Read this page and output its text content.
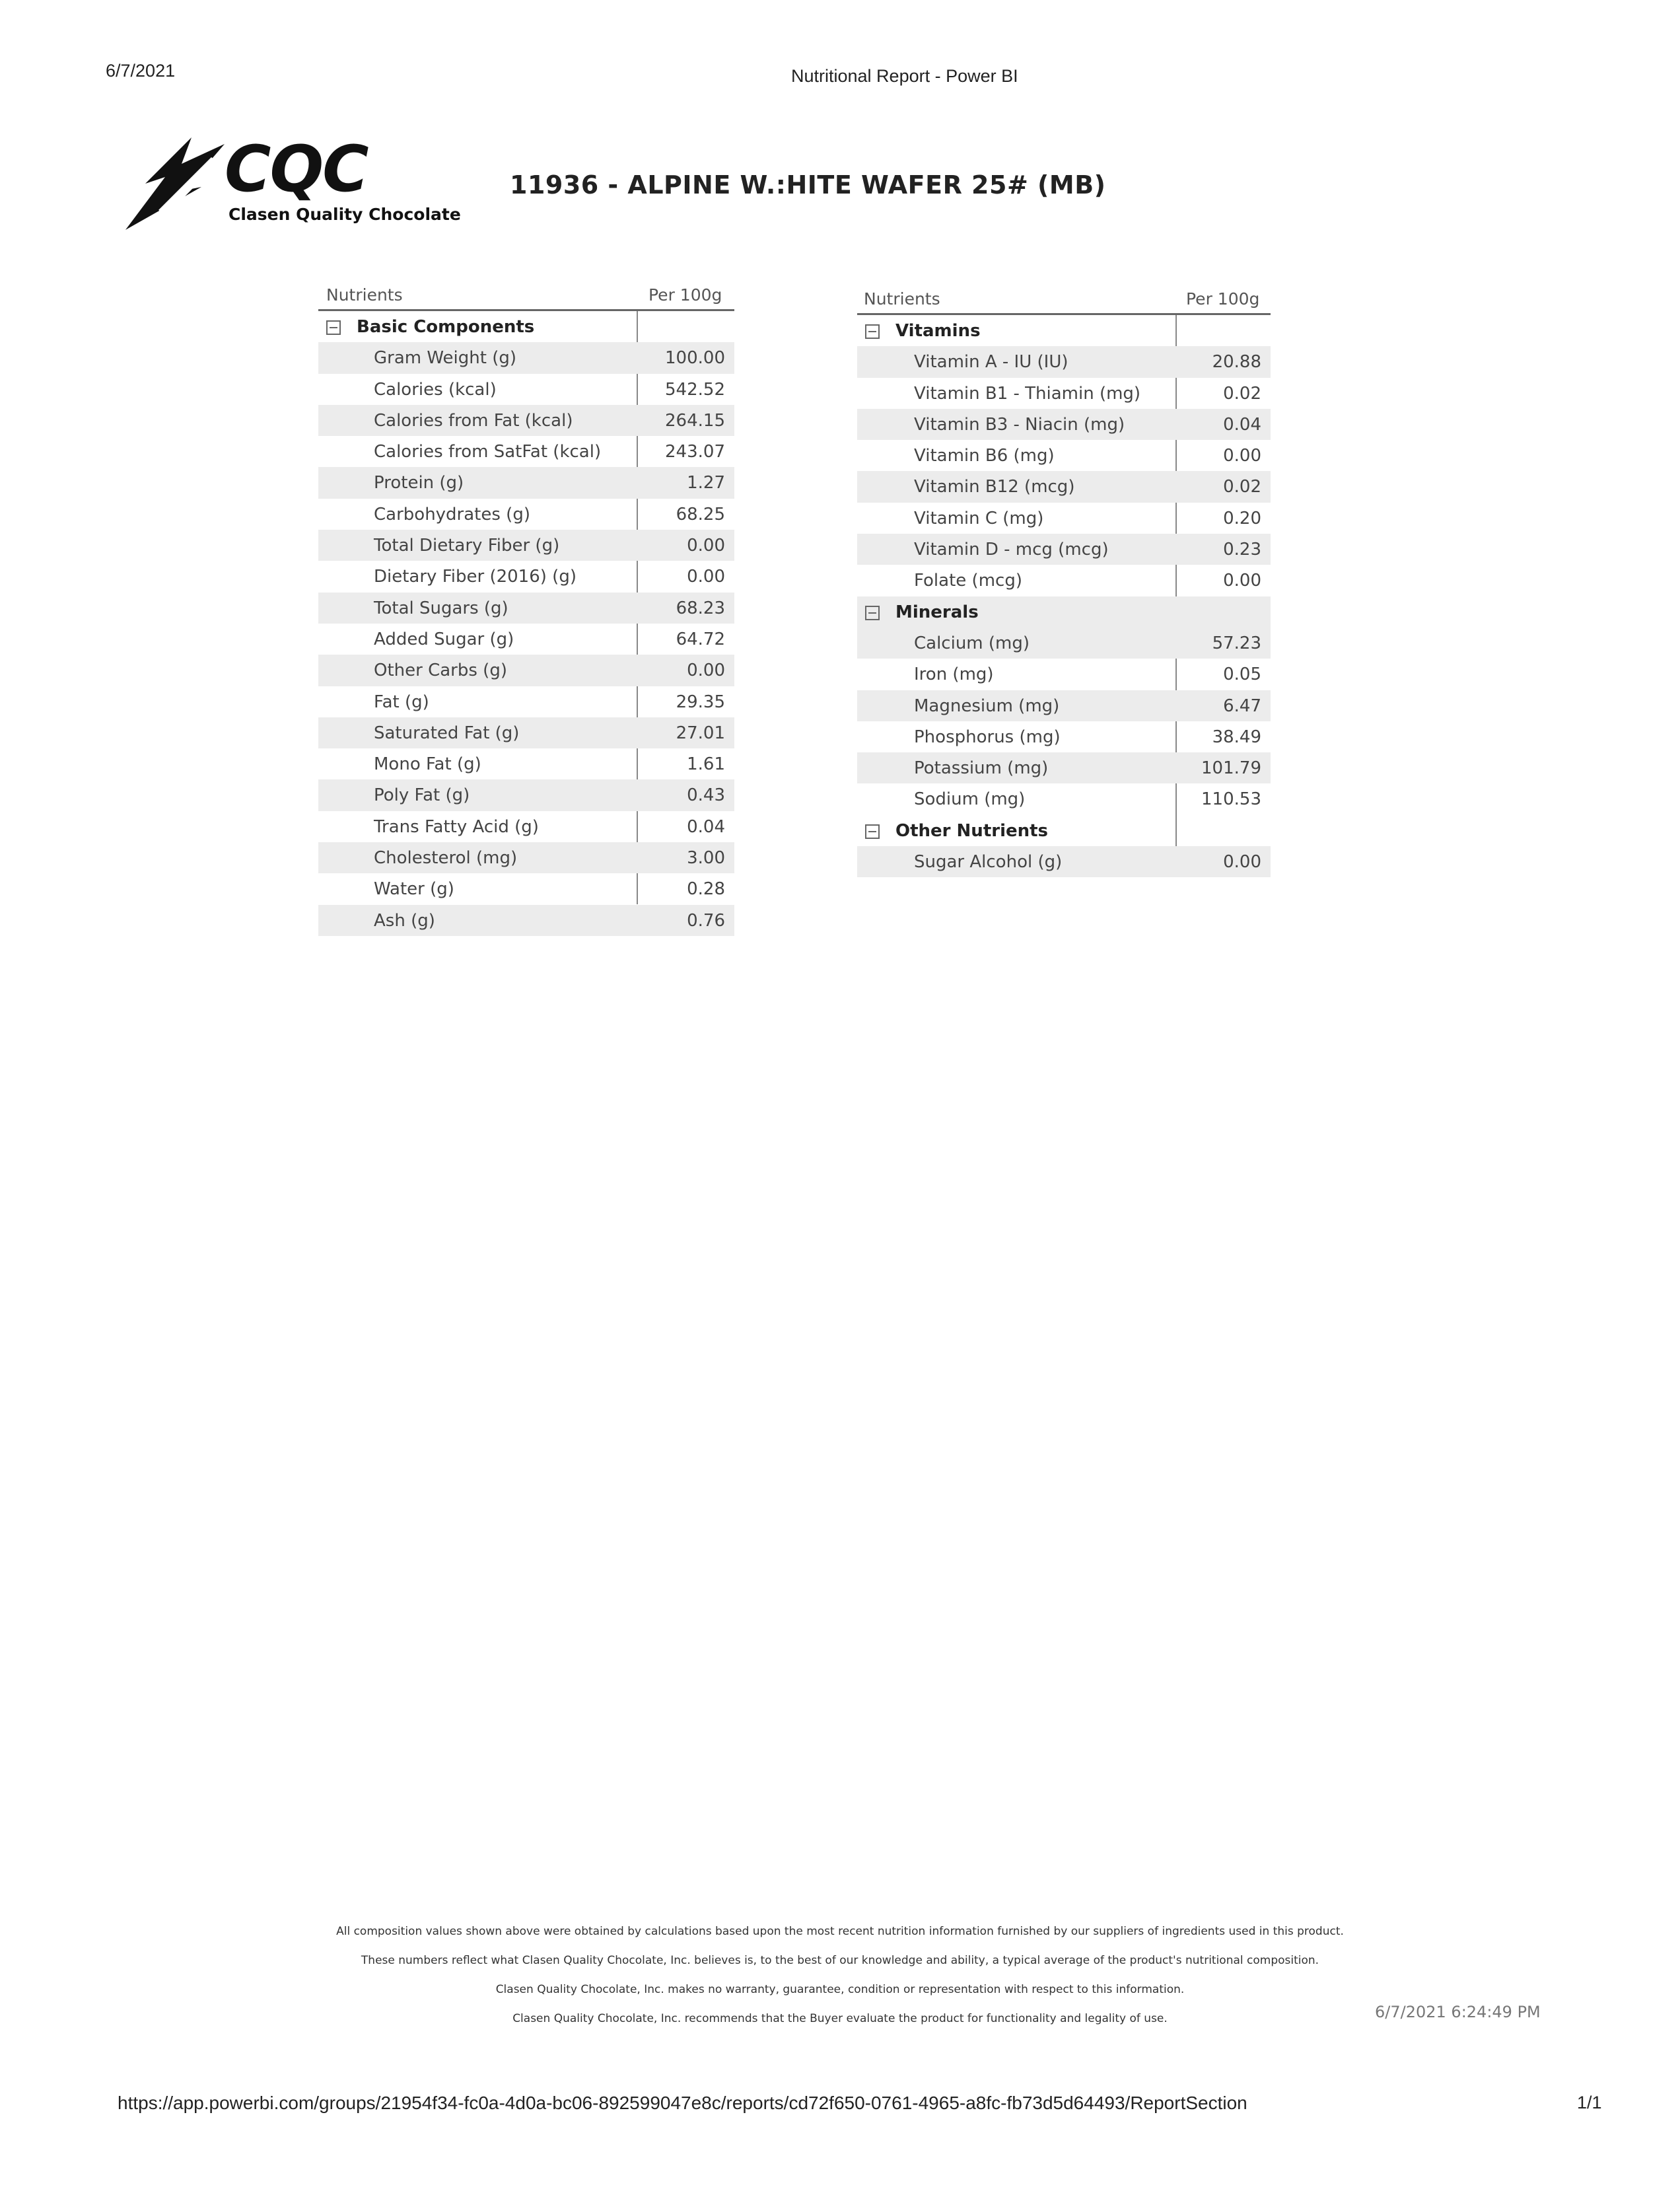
6/7/2021	Nutritional Report - Power BI
CQC
Clasen Quality Chocolate
11936 - ALPINE W.:HITE WAFER 25# (MB)
Nutrients	Per 100g
Basic Components
Gram Weight (g)	100.00
Calories (kcal)	542.52
Calories from Fat (kcal)	264.15
Calories from SatFat (kcal)	243.07
Protein (g)	1.27
Carbohydrates (g)	68.25
Total Dietary Fiber (g)	0.00
Dietary Fiber (2016) (g)	0.00
Total Sugars (g)	68.23
Added Sugar (g)	64.72
Other Carbs (g)	0.00
Fat (g)	29.35
Saturated Fat (g)	27.01
Mono Fat (g)	1.61
Poly Fat (g)	0.43
Trans Fatty Acid (g)	0.04
Cholesterol (mg)	3.00
Water (g)	0.28
Ash (g)	0.76
Nutrients	Per 100g
Vitamins
Vitamin A - IU (IU)	20.88
Vitamin B1 - Thiamin (mg)	0.02
Vitamin B3 - Niacin (mg)	0.04
Vitamin B6 (mg)	0.00
Vitamin B12 (mcg)	0.02
Vitamin C (mg)	0.20
Vitamin D - mcg (mcg)	0.23
Folate (mcg)	0.00
Minerals
Calcium (mg)	57.23
Iron (mg)	0.05
Magnesium (mg)	6.47
Phosphorus (mg)	38.49
Potassium (mg)	101.79
Sodium (mg)	110.53
Other Nutrients
Sugar Alcohol (g)	0.00
All composition values shown above were obtained by calculations based upon the most recent nutrition information furnished by our suppliers of ingredients used in this product.
These numbers reflect what Clasen Quality Chocolate, Inc. believes is, to the best of our knowledge and ability, a typical average of the product's nutritional composition.
Clasen Quality Chocolate, Inc. makes no warranty, guarantee, condition or representation with respect to this information.
Clasen Quality Chocolate, Inc. recommends that the Buyer evaluate the product for functionality and legality of use.	6/7/2021 6:24:49 PM
https://app.powerbi.com/groups/21954f34-fc0a-4d0a-bc06-892599047e8c/reports/cd72f650-0761-4965-a8fc-fb73d5d64493/ReportSection	1/1
